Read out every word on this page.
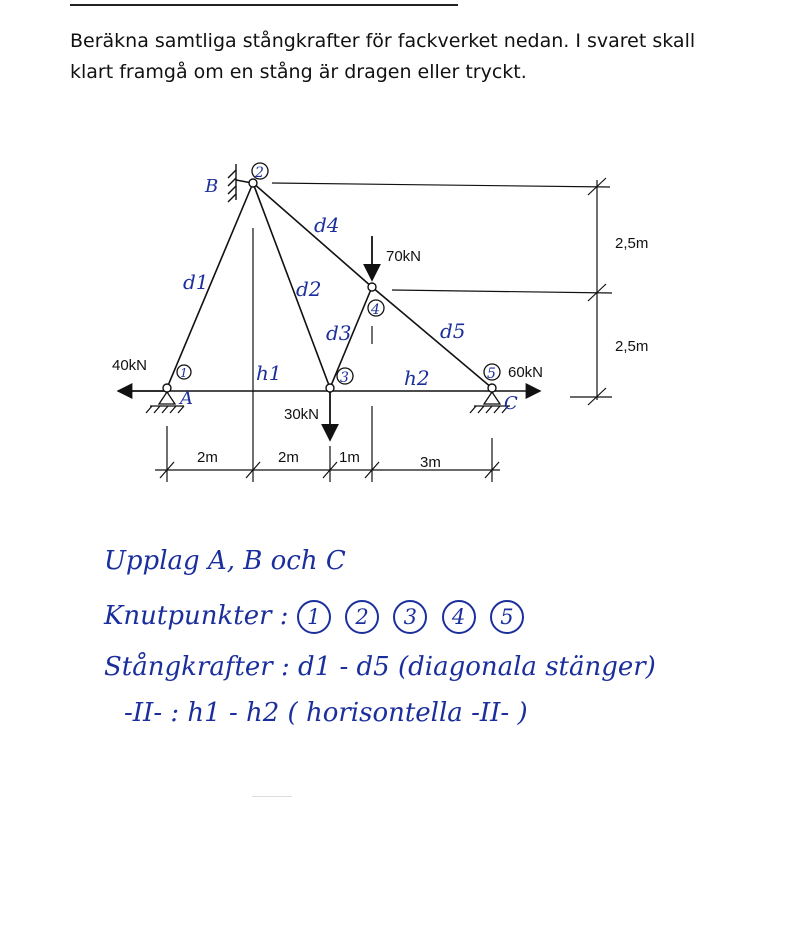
Beräkna samtliga stångkrafter för fackverket nedan. I svaret skall
klart framgå om en stång är dragen eller tryckt.
40kN
70kN
30kN
60kN
2,5m
2,5m
2m	2m	1m	3m
B
A	C
2
1	3
4
5
d1	d2
d3
d4
d5
h1	h2
Upplag A, B och C
Knutpunkter : 1 2 3 4 5
Stångkrafter : d1 - d5 (diagonala stänger)
-II- : h1 - h2 ( horisontella -II- )
